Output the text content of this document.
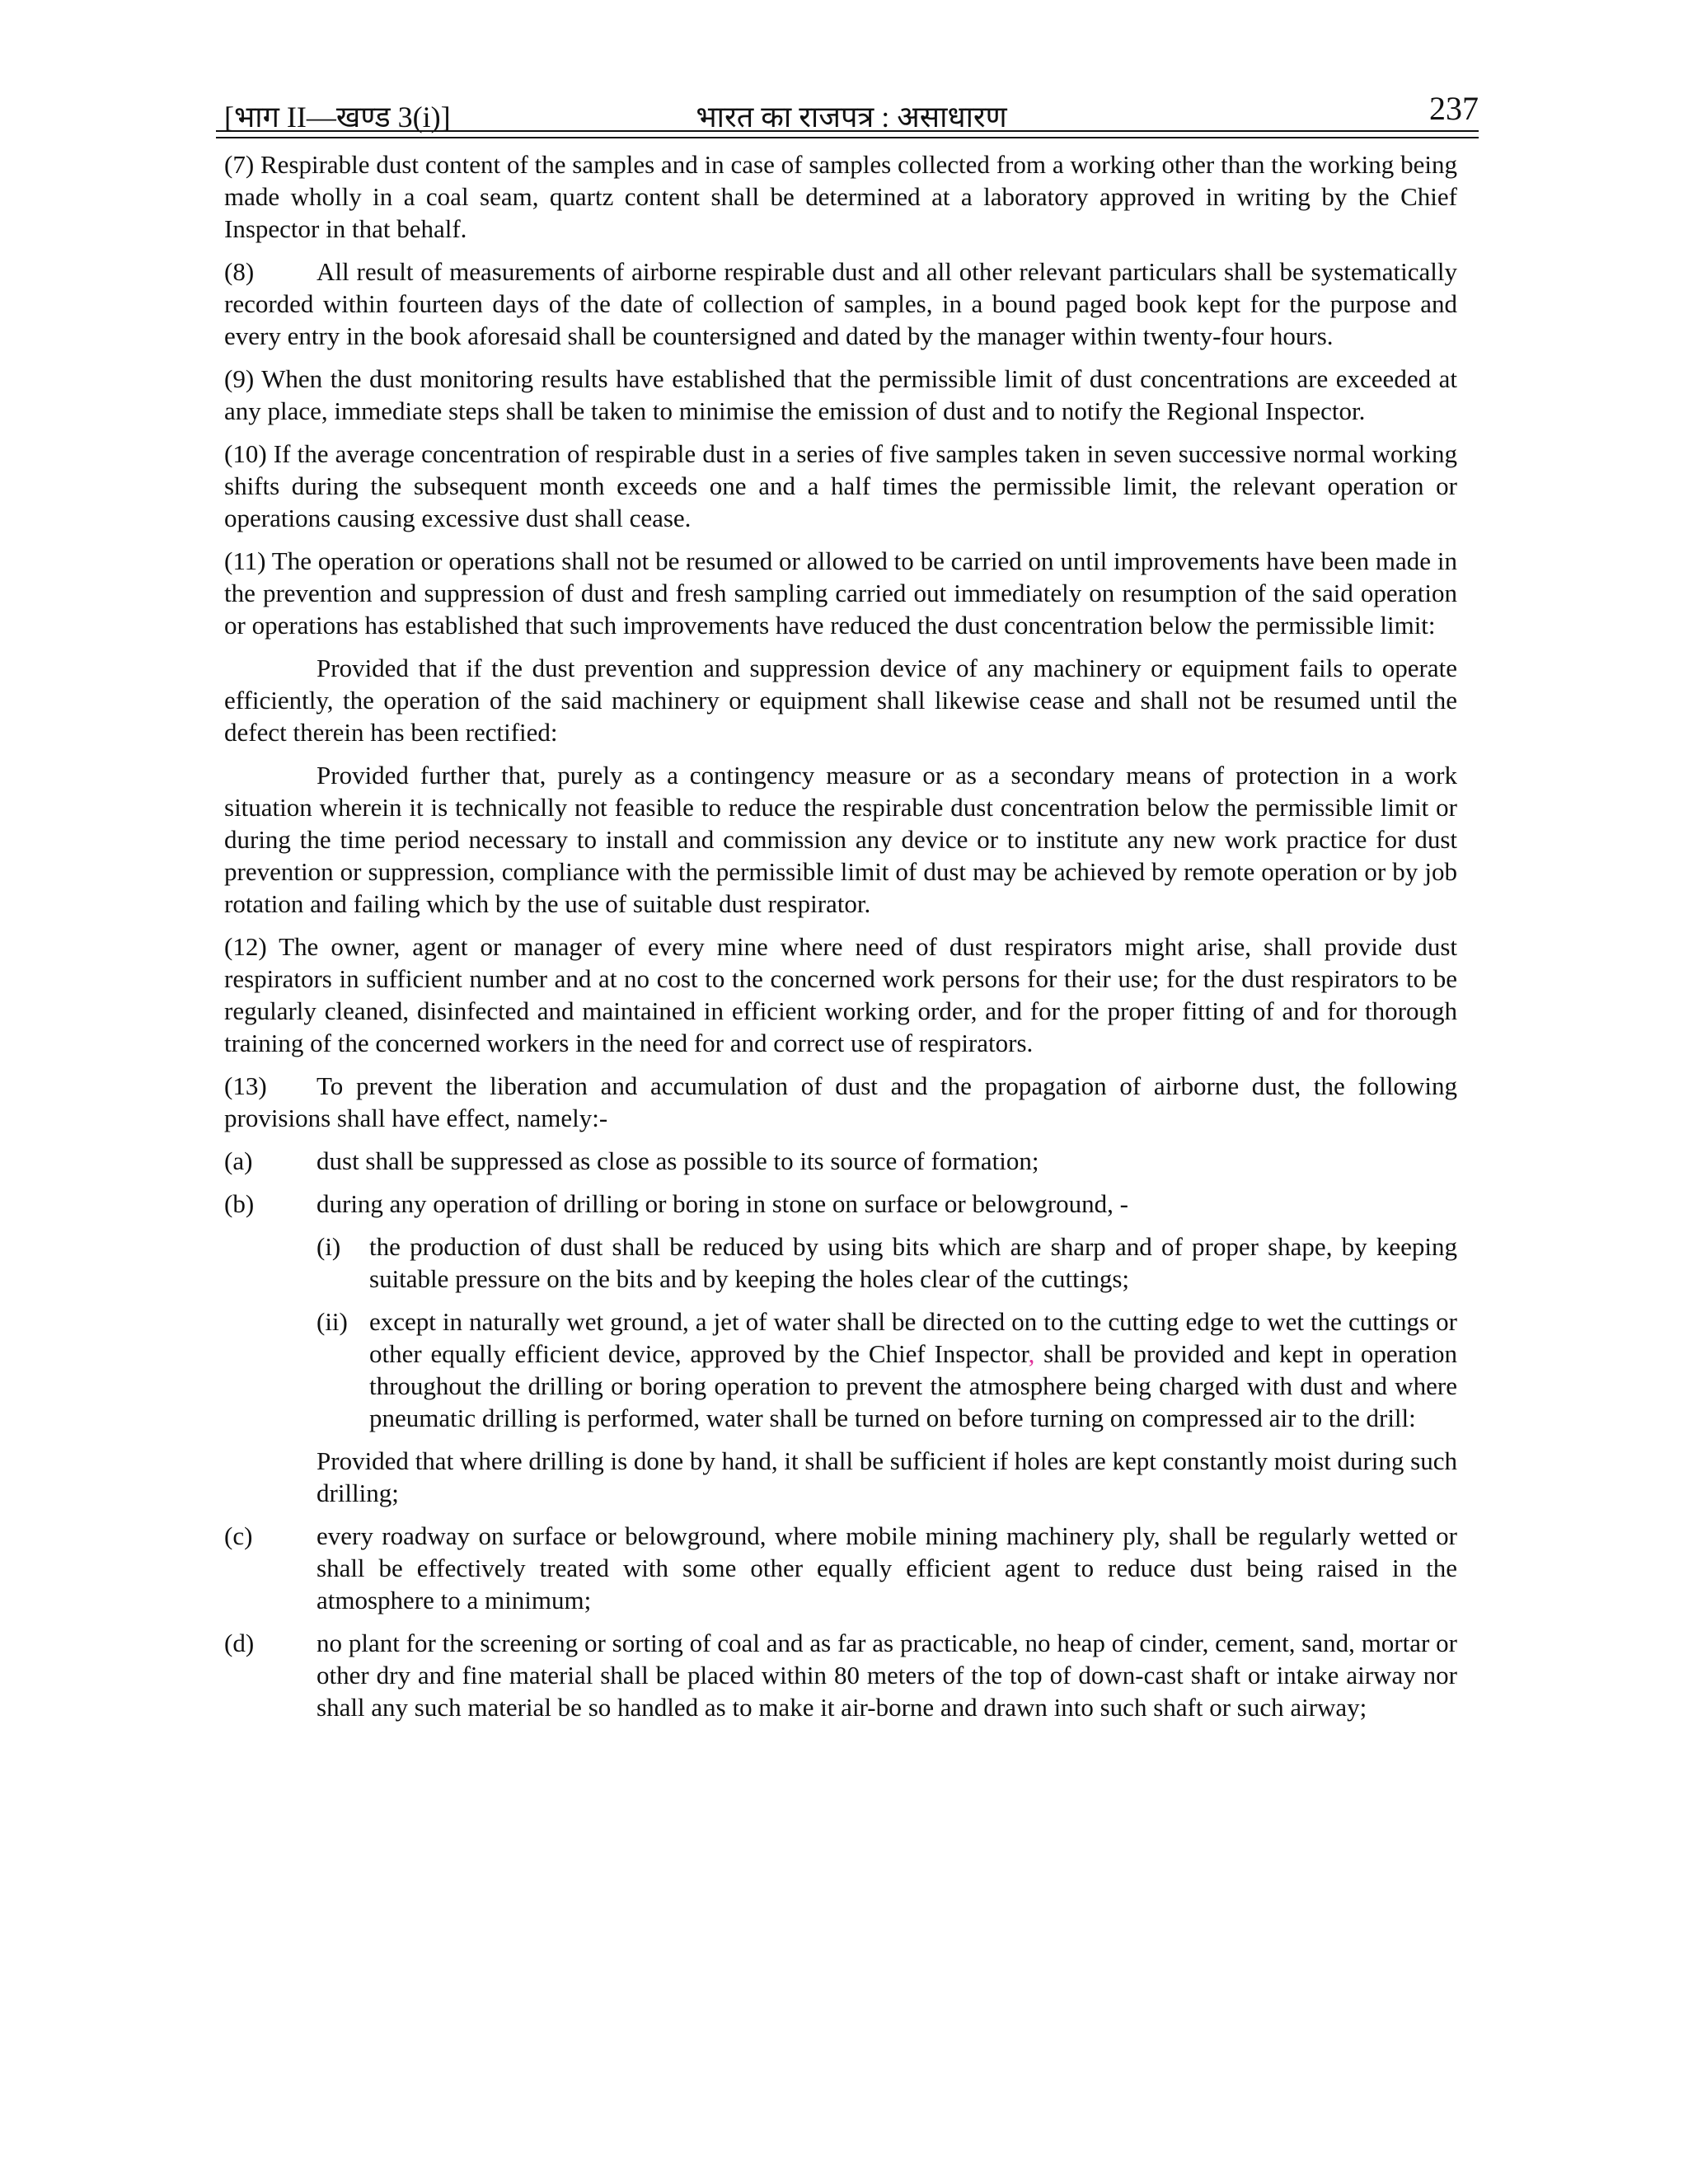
[भाग II—खण्ड 3(i)]	भारत का राजपत्र : असाधारण	237

(7) Respirable dust content of the samples and in case of samples collected from a working other than the working being made wholly in a coal seam, quartz content shall be determined at a laboratory approved in writing by the Chief Inspector in that behalf.

(8) All result of measurements of airborne respirable dust and all other relevant particulars shall be systematically recorded within fourteen days of the date of collection of samples, in a bound paged book kept for the purpose and every entry in the book aforesaid shall be countersigned and dated by the manager within twenty-four hours.

(9) When the dust monitoring results have established that the permissible limit of dust concentrations are exceeded at any place, immediate steps shall be taken to minimise the emission of dust and to notify the Regional Inspector.

(10) If the average concentration of respirable dust in a series of five samples taken in seven successive normal working shifts during the subsequent month exceeds one and a half times the permissible limit, the relevant operation or operations causing excessive dust shall cease.

(11) The operation or operations shall not be resumed or allowed to be carried on until improvements have been made in the prevention and suppression of dust and fresh sampling carried out immediately on resumption of the said operation or operations has established that such improvements have reduced the dust concentration below the permissible limit:

Provided that if the dust prevention and suppression device of any machinery or equipment fails to operate efficiently, the operation of the said machinery or equipment shall likewise cease and shall not be resumed until the defect therein has been rectified:

Provided further that, purely as a contingency measure or as a secondary means of protection in a work situation wherein it is technically not feasible to reduce the respirable dust concentration below the permissible limit or during the time period necessary to install and commission any device or to institute any new work practice for dust prevention or suppression, compliance with the permissible limit of dust may be achieved by remote operation or by job rotation and failing which by the use of suitable dust respirator.

(12) The owner, agent or manager of every mine where need of dust respirators might arise, shall provide dust respirators in sufficient number and at no cost to the concerned work persons for their use; for the dust respirators to be regularly cleaned, disinfected and maintained in efficient working order, and for the proper fitting of and for thorough training of the concerned workers in the need for and correct use of respirators.

(13) To prevent the liberation and accumulation of dust and the propagation of airborne dust, the following provisions shall have effect, namely:-

(a)	dust shall be suppressed as close as possible to its source of formation;
(b) during any operation of drilling or boring in stone on surface or belowground, -
(i) the production of dust shall be reduced by using bits which are sharp and of proper shape, by keeping suitable pressure on the bits and by keeping the holes clear of the cuttings;
(ii) except in naturally wet ground, a jet of water shall be directed on to the cutting edge to wet the cuttings or other equally efficient device, approved by the Chief Inspector, shall be provided and kept in operation throughout the drilling or boring operation to prevent the atmosphere being charged with dust and where pneumatic drilling is performed, water shall be turned on before turning on compressed air to the drill:

Provided that where drilling is done by hand, it shall be sufficient if holes are kept constantly moist during such drilling;

(c)	every roadway on surface or belowground, where mobile mining machinery ply, shall be regularly wetted or shall be effectively treated with some other equally efficient agent to reduce dust being raised in the atmosphere to a minimum;
(d) no plant for the screening or sorting of coal and as far as practicable, no heap of cinder, cement, sand, mortar or other dry and fine material shall be placed within 80 meters of the top of down-cast shaft or intake airway nor shall any such material be so handled as to make it air-borne and drawn into such shaft or such airway;
